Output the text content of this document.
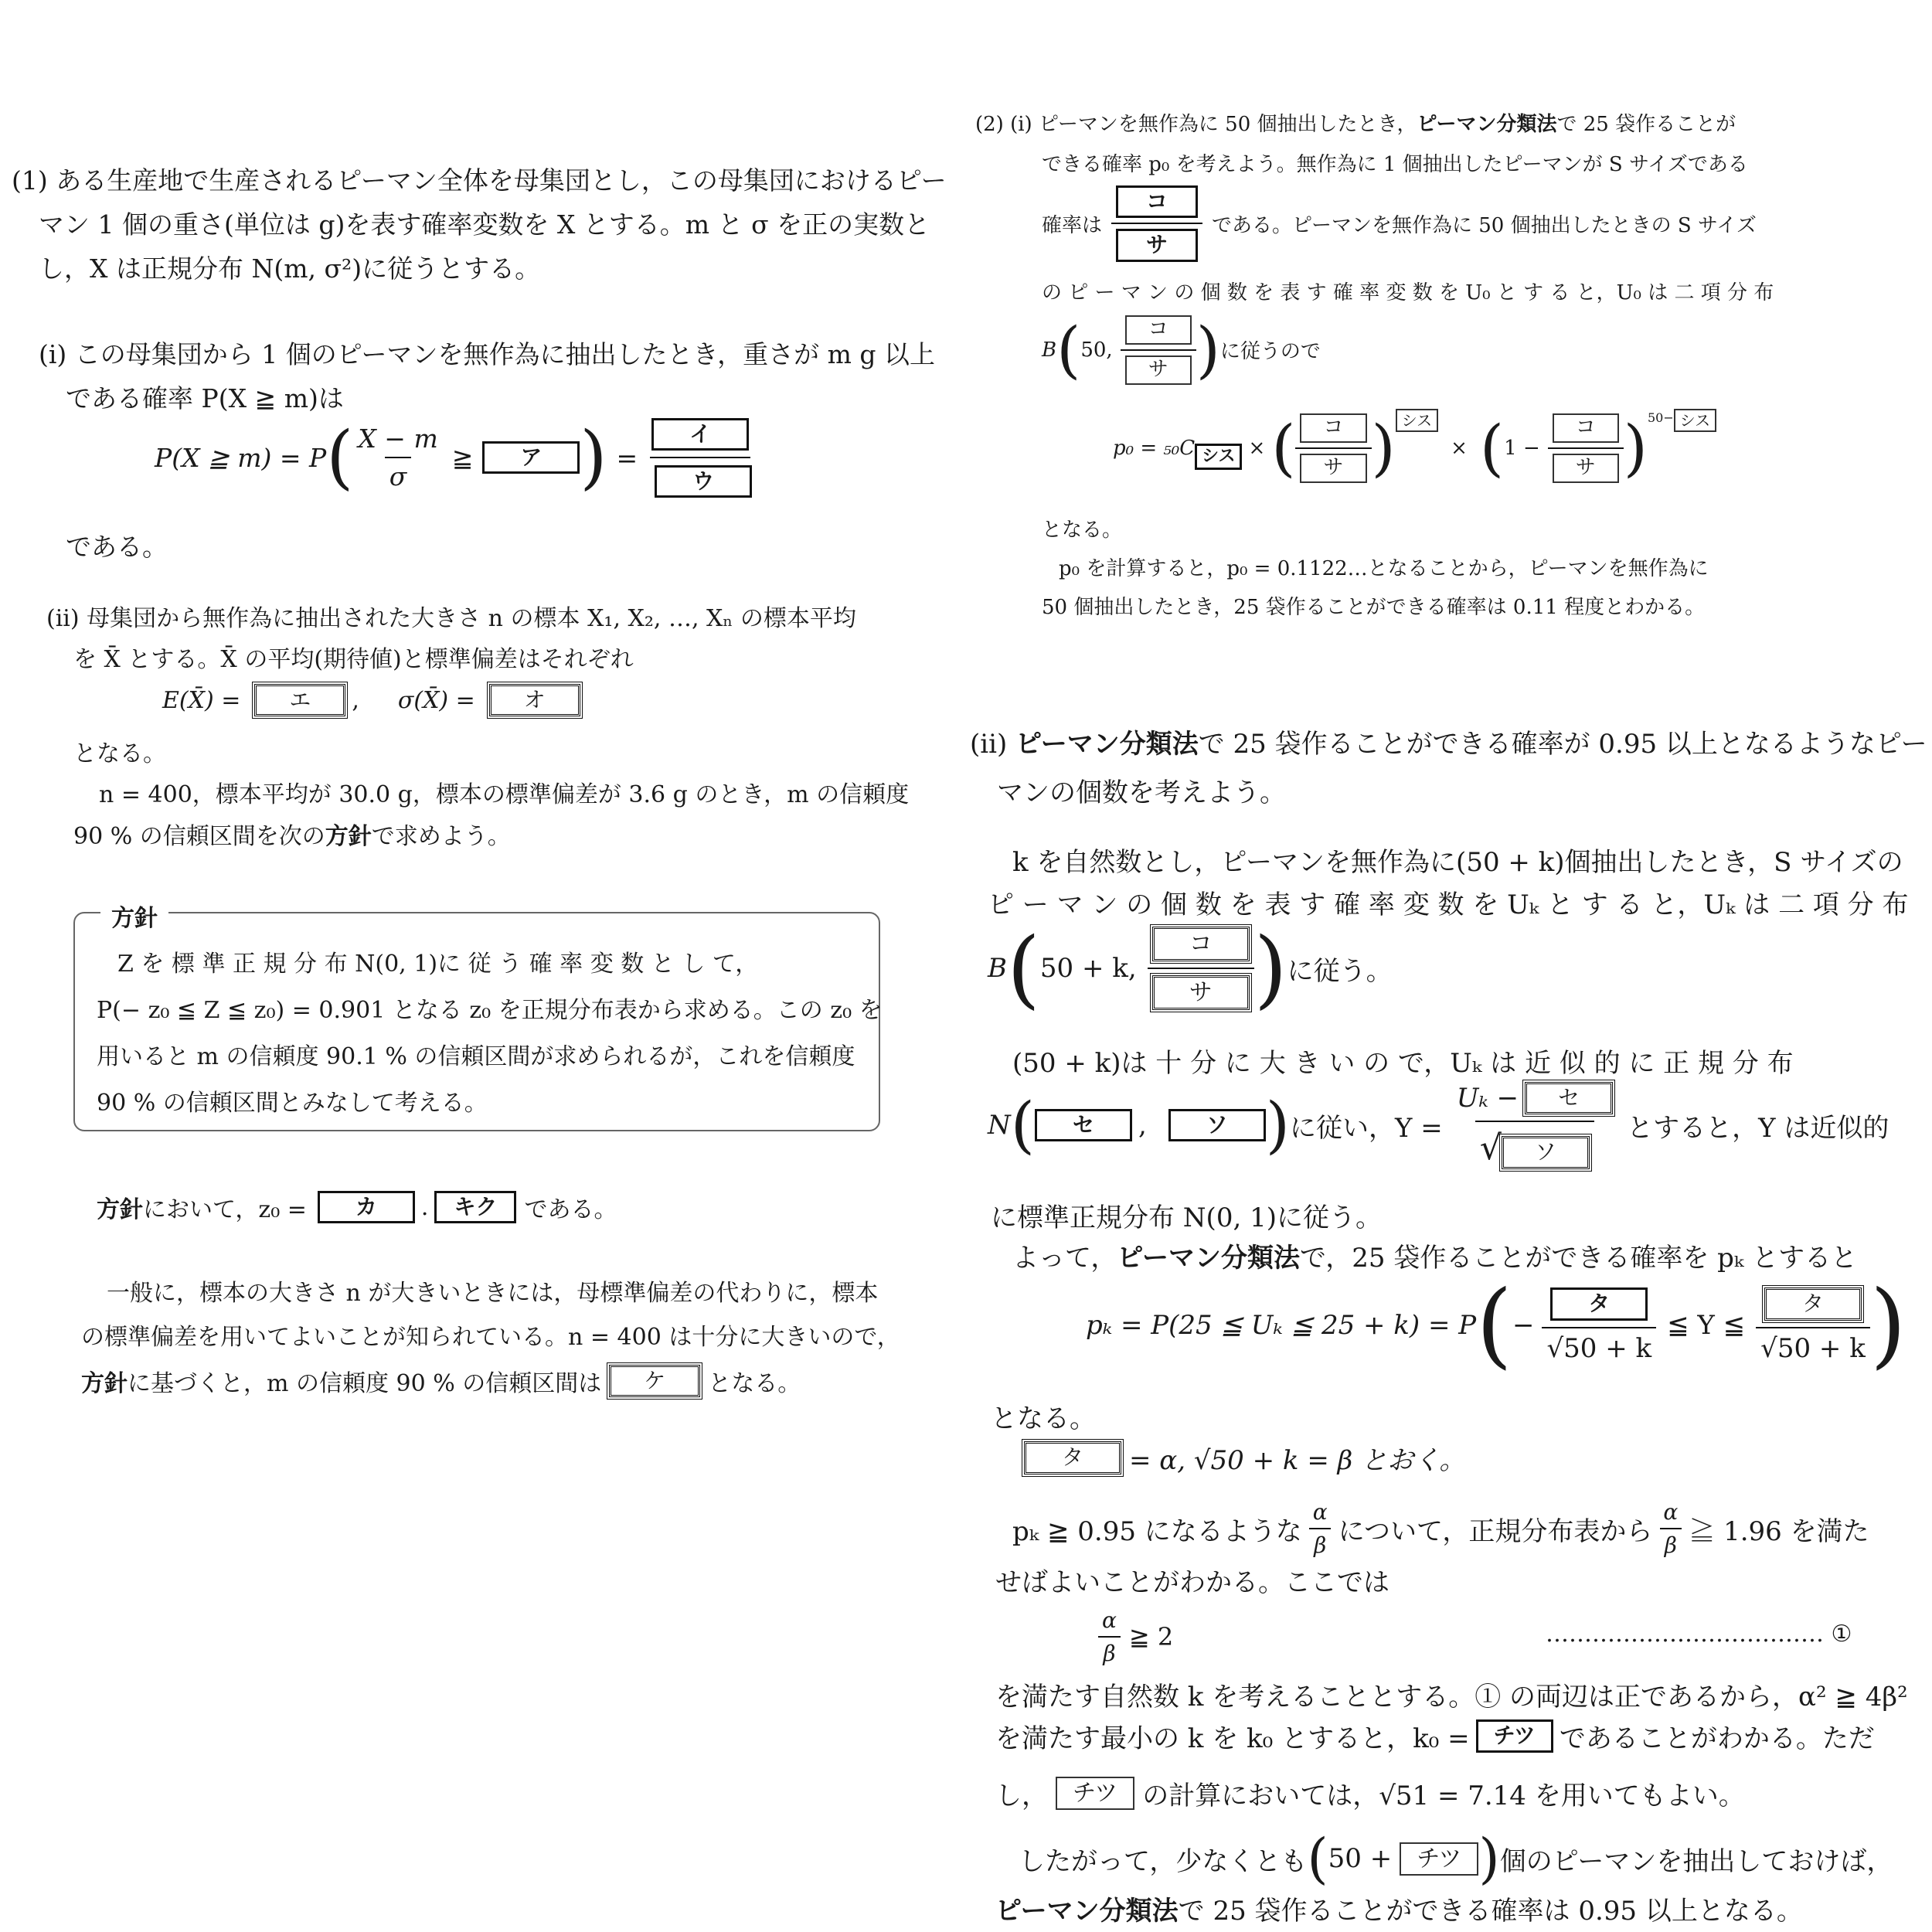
(1) ある生産地で生産されるピーマン全体を母集団とし，この母集団におけるピー
マン 1 個の重さ(単位は g)を表す確率変数を X とする。m と σ を正の実数と
し，X は正規分布 N(m, σ²)に従うとする。
(i) この母集団から 1 個のピーマンを無作為に抽出したとき，重さが m g 以上
である確率 P(X ≧ m)は
P(X ≧ m) = P ( $\frac{X - m}{\sigma}$ ≧	ア ) = $\frac{\text{イ}}{\text{ウ}}$
である。
(ii) 母集団から無作為に抽出された大きさ n の標本 X₁, X₂, …, Xₙ の標本平均
を X̄ とする。X̄ の平均(期待値)と標準偏差はそれぞれ
E(X̄) =	エ	, σ(X̄) =	オ
となる。
n = 400，標本平均が 30.0 g，標本の標準偏差が 3.6 g のとき，m の信頼度
90 % の信頼区間を次の方針で求めよう。
方針
Z を 標 準 正 規 分 布 N(0, 1)に 従 う 確 率 変 数 と し て，
P(− z₀ ≦ Z ≦ z₀) = 0.901 となる z₀ を正規分布表から求める。この z₀ を
用いると m の信頼度 90.1 % の信頼区間が求められるが，これを信頼度
90 % の信頼区間とみなして考える。
方針 において，z₀ =	カ	.	キク	である。
一般に，標本の大きさ n が大きいときには，母標準偏差の代わりに，標本
の標準偏差を用いてよいことが知られている。n = 400 は十分に大きいので，
方針 に基づくと，m の信頼度 90 % の信頼区間は	ケ	となる。
(2) (i) ピーマンを無作為に 50 個抽出したとき，ピーマン分類法で 25 袋作ることが
できる確率 p₀ を考えよう。無作為に 1 個抽出したピーマンが S サイズである
確率は $\frac{\text{コ}}{\text{サ}}$ である。ピーマンを無作為に 50 個抽出したときの S サイズ
の ピ ー マ ン の 個 数 を 表 す 確 率 変 数 を U₀ と す る と，U₀ は 二 項 分 布
B ( 50, $\frac{\text{コ}}{\text{サ}}$ ) に従うので
p₀ = ₅₀C シス × ( $\frac{\text{コ}}{\text{サ}}$ ) シス
× ( $1 - \frac{\text{コ}}{\text{サ}}$ ) 50− シス
となる。
p₀ を計算すると，p₀ = 0.1122…となることから，ピーマンを無作為に
50 個抽出したとき，25 袋作ることができる確率は 0.11 程度とわかる。
(ii) ピーマン分類法で 25 袋作ることができる確率が 0.95 以上となるようなピー
マンの個数を考えよう。
k を自然数とし，ピーマンを無作為に(50 + k)個抽出したとき，S サイズの
ピ ー マ ン の 個 数 を 表 す 確 率 変 数 を Uₖ と す る と，Uₖ は 二 項 分 布
B ( 50 + k, $\frac{\text{コ}}{\text{サ}}$ ) に従う。
(50 + k)は 十 分 に 大 き い の で，Uₖ は 近 似 的 に 正 規 分 布
N (	セ	,	ソ ) に従い，Y = Uₖ −	セ
√ ソ とすると，Y は近似的
に標準正規分布 N(0, 1)に従う。
よって，ピーマン分類法で，25 袋作ることができる確率を pₖ とすると
pₖ = P(25 ≦ Uₖ ≦ 25 + k) = P ( − $\frac{\text{タ}}{√50 + k}$ ≦ Y ≦ $\frac{\text{タ}}{√50 + k}$ )
となる。
タ	= α, √50 + k = β とおく。
pₖ ≧ 0.95 になるような $\frac{\alpha}{\beta}$ について，正規分布表から $\frac{\alpha}{\beta}$ ≧ 1.96 を満た
せばよいことがわかる。ここでは
$\frac{\alpha}{\beta}$ ≧ 2	……………………………… ①
を満たす自然数 k を考えることとする。① の両辺は正であるから，α² ≧ 4β²
を満たす最小の k を k₀ とすると，k₀ =	チツ であることがわかる。ただ
し，	チツ の計算においては，√51 = 7.14 を用いてもよい。
したがって，少なくとも ( 50 +	チツ ) 個のピーマンを抽出しておけば，
ピーマン分類法で 25 袋作ることができる確率は 0.95 以上となる。
